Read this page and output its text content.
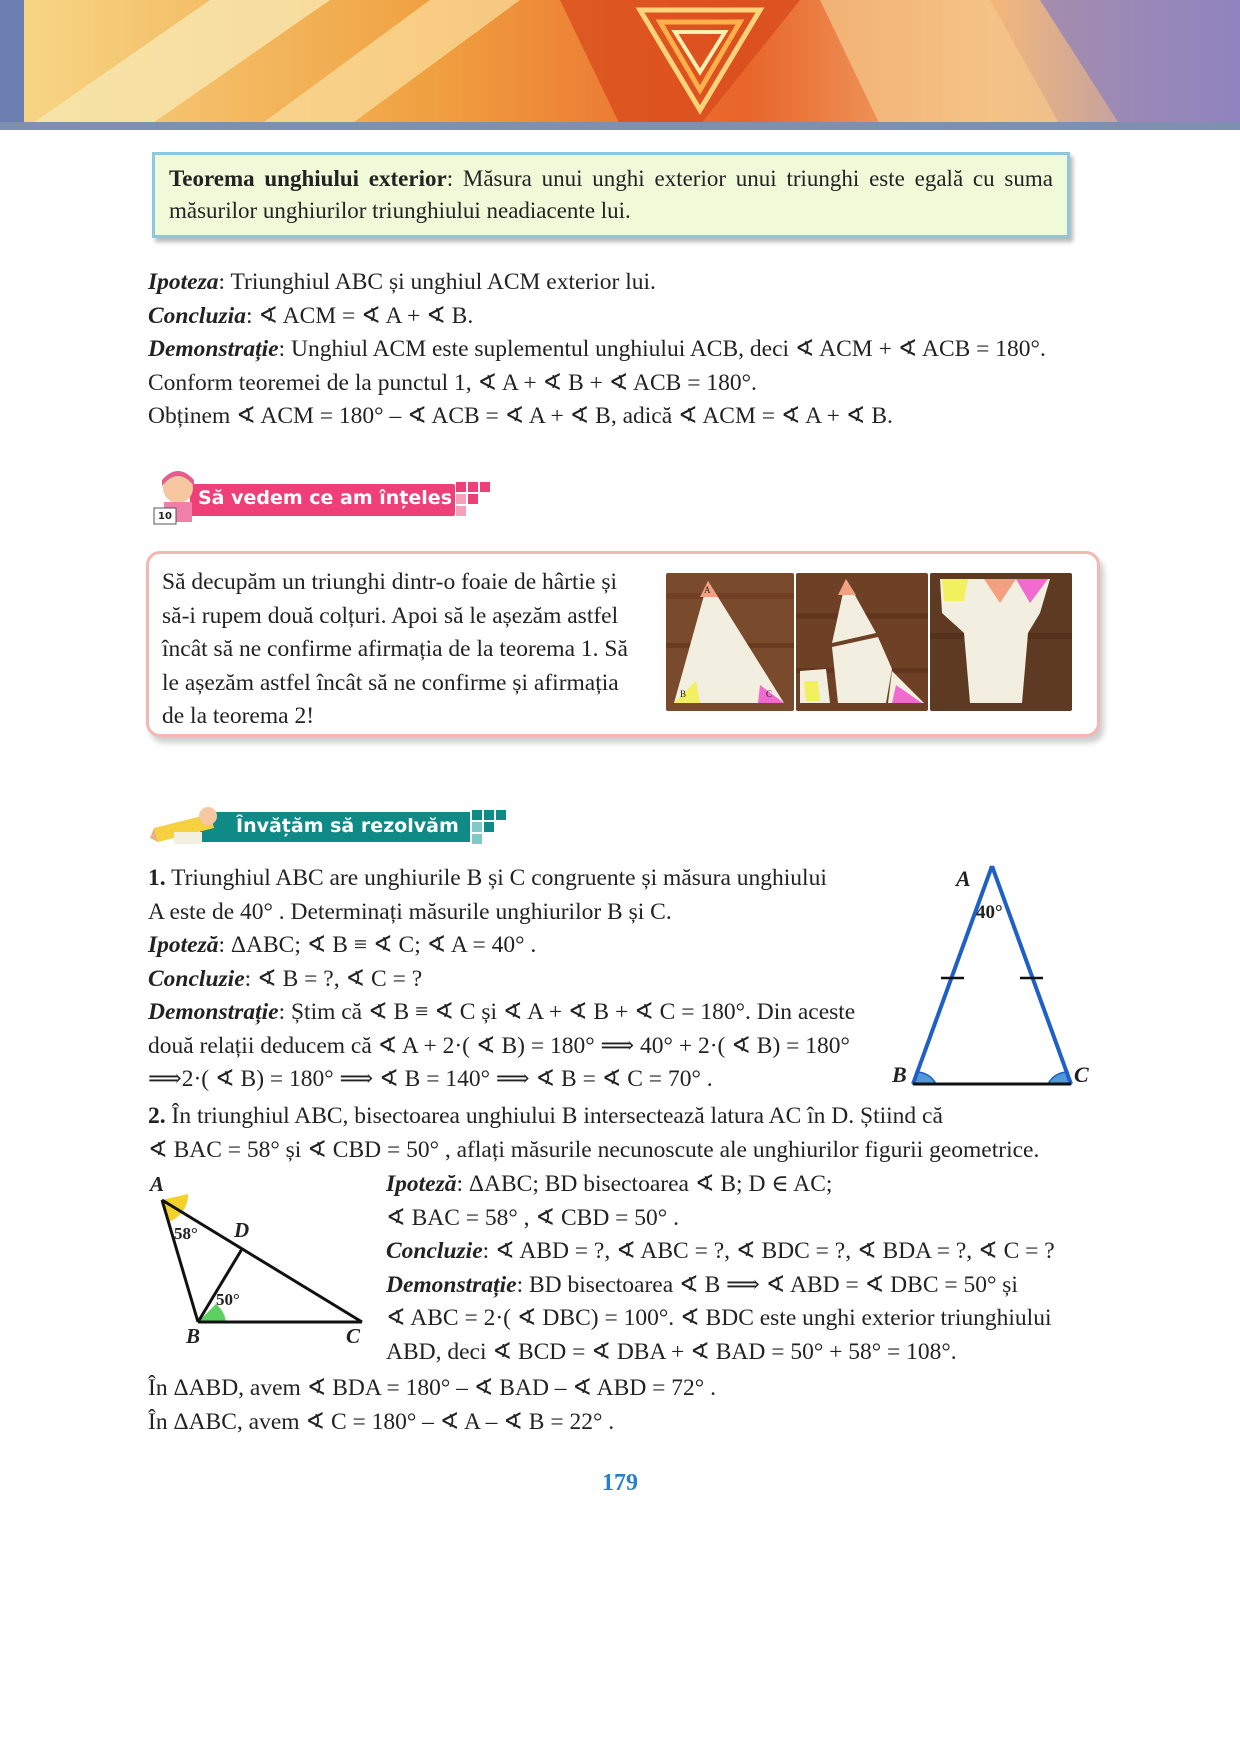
Teorema unghiului exterior: Măsura unui unghi exterior unui triunghi este egală cu suma măsurilor unghiurilor triunghiului neadiacente lui.

Ipoteza: Triunghiul ABC și unghiul ACM exterior lui.

Concluzia: ∢ ACM = ∢ A + ∢ B.

Demonstrație: Unghiul ACM este suplementul unghiului ACB, deci ∢ ACM + ∢ ACB = 180°.

Conform teoremei de la punctul 1, ∢ A + ∢ B + ∢ ACB = 180°.

Obținem ∢ ACM = 180° – ∢ ACB = ∢ A + ∢ B, adică ∢ ACM = ∢ A + ∢ B.

10
Să vedem ce am înțeles

Să decupăm un triunghi dintr-o foaie de hârtie și

să-i rupem două colțuri. Apoi să le așezăm astfel

încât să ne confirme afirmația de la teorema 1. Să

le așezăm astfel încât să ne confirme și afirmația

de la teorema 2!

A
B	C
Învățăm să rezolvăm

1. Triunghiul ABC are unghiurile B și C congruente și măsura unghiului

A este de 40° . Determinați măsurile unghiurilor B și C.

Ipoteză: ΔABC; ∢ B ≡ ∢ C; ∢ A = 40° .

Concluzie: ∢ B = ?, ∢ C = ?

Demonstrație: Știm că ∢ B ≡ ∢ C și ∢ A + ∢ B + ∢ C = 180°. Din aceste

două relații deducem că ∢ A + 2·( ∢ B) = 180° ⟹ 40° + 2·( ∢ B) = 180°

⟹2·( ∢ B) = 180° ⟹ ∢ B = 140° ⟹ ∢ B = ∢ C = 70° .

A
40°
B	C

2. În triunghiul ABC, bisectoarea unghiului B intersectează latura AC în D. Știind că

∢ BAC = 58° și ∢ CBD = 50° , aflați măsurile necunoscute ale unghiurilor figurii geometrice.

A
58° D
50°
B	C

Ipoteză: ΔABC; BD bisectoarea ∢ B; D ∈ AC;

∢ BAC = 58° , ∢ CBD = 50° .

Concluzie: ∢ ABD = ?, ∢ ABC = ?, ∢ BDC = ?, ∢ BDA = ?, ∢ C = ?

Demonstrație: BD bisectoarea ∢ B ⟹ ∢ ABD = ∢ DBC = 50° și

∢ ABC = 2·( ∢ DBC) = 100°. ∢ BDC este unghi exterior triunghiului

ABD, deci ∢ BCD = ∢ DBA + ∢ BAD = 50° + 58° = 108°.

În ΔABD, avem ∢ BDA = 180° – ∢ BAD – ∢ ABD = 72° .

În ΔABC, avem ∢ C = 180° – ∢ A – ∢ B = 22° .

179
